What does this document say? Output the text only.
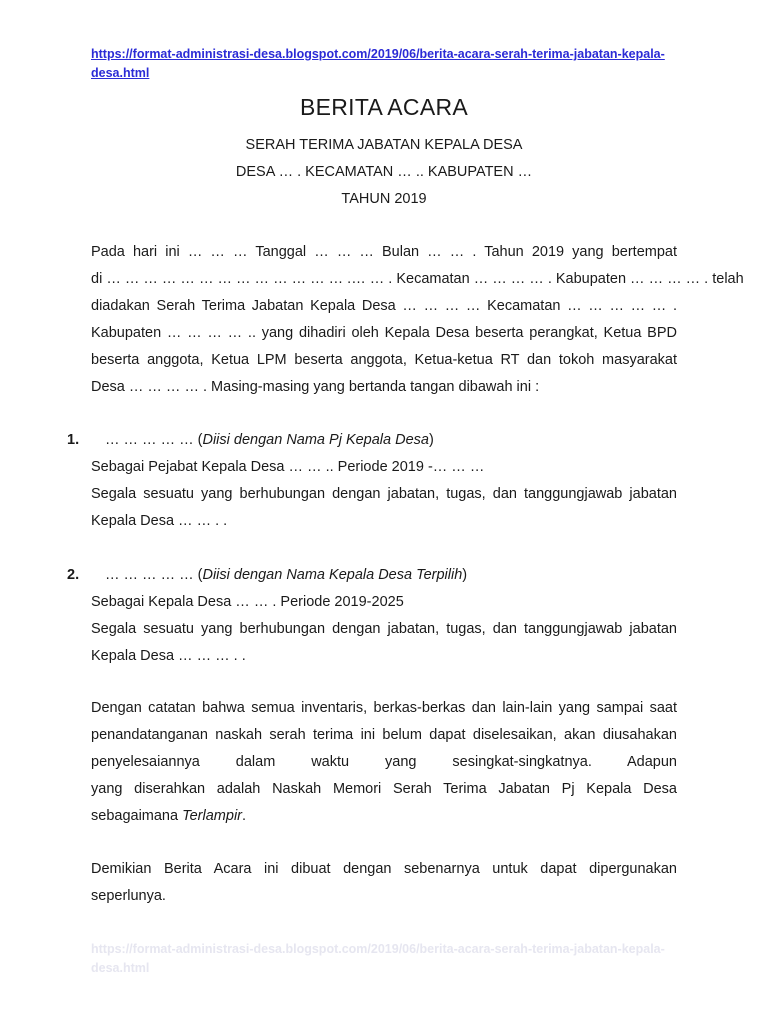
https://format-administrasi-desa.blogspot.com/2019/06/berita-acara-serah-terima-jabatan-kepala-
desa.html
BERITA ACARA
SERAH TERIMA JABATAN KEPALA DESA
DESA … . KECAMATAN … .. KABUPATEN …
TAHUN 2019
Pada hari ini … … … Tanggal … … … Bulan … … . Tahun 2019 yang bertempat
di … … … … … … … … … … … … … .… … . Kecamatan … … … … . Kabupaten … … … … . telah
diadakan Serah Terima Jabatan Kepala Desa … … … … Kecamatan … … … … … .
Kabupaten … … … … .. yang dihadiri oleh Kepala Desa beserta perangkat, Ketua BPD
beserta anggota, Ketua LPM beserta anggota, Ketua-ketua RT dan tokoh masyarakat
Desa … … … … . Masing-masing yang bertanda tangan dibawah ini :
1. … … … … … (Diisi dengan Nama Pj Kepala Desa)
Sebagai Pejabat Kepala Desa … … .. Periode 2019 -… … …
Segala sesuatu yang berhubungan dengan jabatan, tugas, dan tanggungjawab jabatan
Kepala Desa … … . .
2. … … … … … (Diisi dengan Nama Kepala Desa Terpilih)
Sebagai Kepala Desa … … . Periode 2019-2025
Segala sesuatu yang berhubungan dengan jabatan, tugas, dan tanggungjawab jabatan
Kepala Desa … … … . .
Dengan catatan bahwa semua inventaris, berkas-berkas dan lain-lain yang sampai saat
penandatanganan naskah serah terima ini belum dapat diselesaikan, akan diusahakan
penyelesaiannya dalam waktu yang sesingkat-singkatnya. Adapun
yang diserahkan adalah Naskah Memori Serah Terima Jabatan Pj Kepala Desa
sebagaimana Terlampir.
Demikian Berita Acara ini dibuat dengan sebenarnya untuk dapat dipergunakan
seperlunya.
https://format-administrasi-desa.blogspot.com/2019/06/berita-acara-serah-terima-jabatan-kepala-
desa.html
